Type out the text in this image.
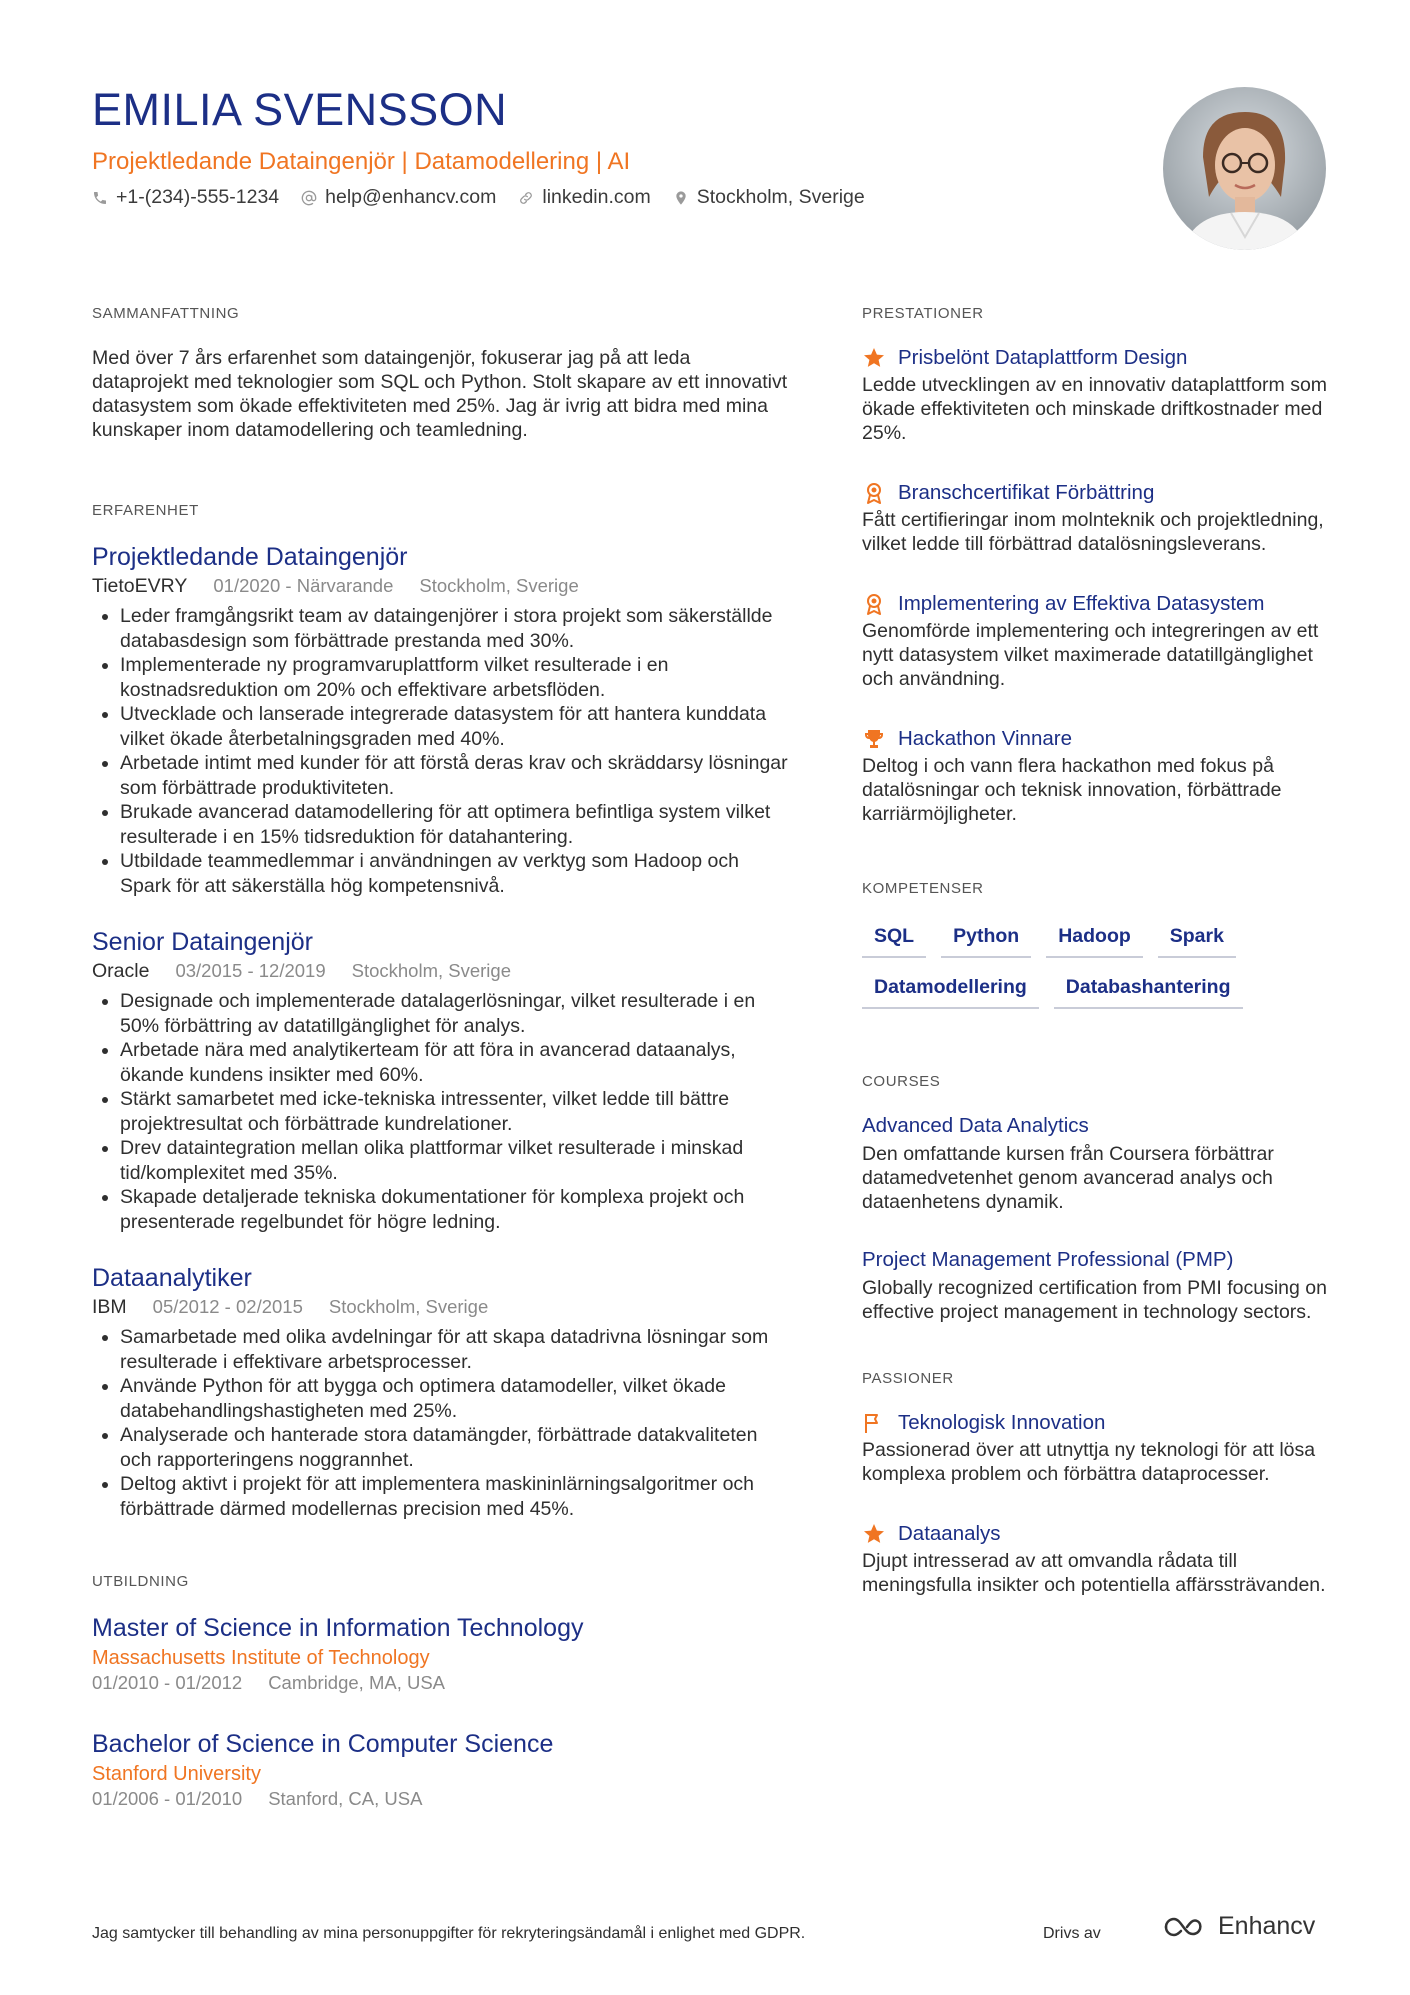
EMILIA SVENSSON
Projektledande Dataingenjör | Datamodellering | AI
+1-(234)-555-1234 help@enhancv.com linkedin.com Stockholm, Sverige
SAMMANFATTNING

Med över 7 års erfarenhet som dataingenjör, fokuserar jag på att leda dataprojekt med teknologier som SQL och Python. Stolt skapare av ett innovativt datasystem som ökade effektiviteten med 25%. Jag är ivrig att bidra med mina kunskaper inom datamodellering och teamledning.

ERFARENHET
Projektledande Dataingenjör
TietoEVRY 01/2020 - Närvarande Stockholm, Sverige
• Leder framgångsrikt team av dataingenjörer i stora projekt som säkerställde databasdesign som förbättrade prestanda med 30%.
• Implementerade ny programvaruplattform vilket resulterade i en kostnadsreduktion om 20% och effektivare arbetsflöden.
• Utvecklade och lanserade integrerade datasystem för att hantera kunddata vilket ökade återbetalningsgraden med 40%.
• Arbetade intimt med kunder för att förstå deras krav och skräddarsy lösningar som förbättrade produktiviteten.
• Brukade avancerad datamodellering för att optimera befintliga system vilket resulterade i en 15% tidsreduktion för datahantering.
• Utbildade teammedlemmar i användningen av verktyg som Hadoop och Spark för att säkerställa hög kompetensnivå.
Senior Dataingenjör
Oracle 03/2015 - 12/2019 Stockholm, Sverige
• Designade och implementerade datalagerlösningar, vilket resulterade i en 50% förbättring av datatillgänglighet för analys.
• Arbetade nära med analytikerteam för att föra in avancerad dataanalys, ökande kundens insikter med 60%.
• Stärkt samarbetet med icke-tekniska intressenter, vilket ledde till bättre projektresultat och förbättrade kundrelationer.
• Drev dataintegration mellan olika plattformar vilket resulterade i minskad tid/komplexitet med 35%.
• Skapade detaljerade tekniska dokumentationer för komplexa projekt och presenterade regelbundet för högre ledning.
Dataanalytiker
IBM 05/2012 - 02/2015 Stockholm, Sverige
• Samarbetade med olika avdelningar för att skapa datadrivna lösningar som resulterade i effektivare arbetsprocesser.
• Använde Python för att bygga och optimera datamodeller, vilket ökade databehandlingshastigheten med 25%.
• Analyserade och hanterade stora datamängder, förbättrade datakvaliteten och rapporteringens noggrannhet.
• Deltog aktivt i projekt för att implementera maskininlärningsalgoritmer och förbättrade därmed modellernas precision med 45%.
UTBILDNING
Master of Science in Information Technology
Massachusetts Institute of Technology
01/2010 - 01/2012 Cambridge, MA, USA
Bachelor of Science in Computer Science
Stanford University
01/2006 - 01/2010 Stanford, CA, USA
PRESTATIONER
Prisbelönt Dataplattform Design

Ledde utvecklingen av en innovativ dataplattform som ökade effektiviteten och minskade driftkostnader med 25%.

Branschcertifikat Förbättring

Fått certifieringar inom molnteknik och projektledning, vilket ledde till förbättrad datalösningsleverans.

Implementering av Effektiva Datasystem

Genomförde implementering och integreringen av ett nytt datasystem vilket maximerade datatillgänglighet och användning.

Hackathon Vinnare

Deltog i och vann flera hackathon med fokus på datalösningar och teknisk innovation, förbättrade karriärmöjligheter.

KOMPETENSER
SQL	Python	Hadoop	Spark
Datamodellering	Databashantering
COURSES
Advanced Data Analytics

Den omfattande kursen från Coursera förbättrar datamedvetenhet genom avancerad analys och dataenhetens dynamik.

Project Management Professional (PMP)

Globally recognized certification from PMI focusing on effective project management in technology sectors.

PASSIONER
Teknologisk Innovation

Passionerad över att utnyttja ny teknologi för att lösa komplexa problem och förbättra dataprocesser.

Dataanalys

Djupt intresserad av att omvandla rådata till meningsfulla insikter och potentiella affärssträvanden.

Jag samtycker till behandling av mina personuppgifter för rekryteringsändamål i enlighet med GDPR.	Drivs av	Enhancv
